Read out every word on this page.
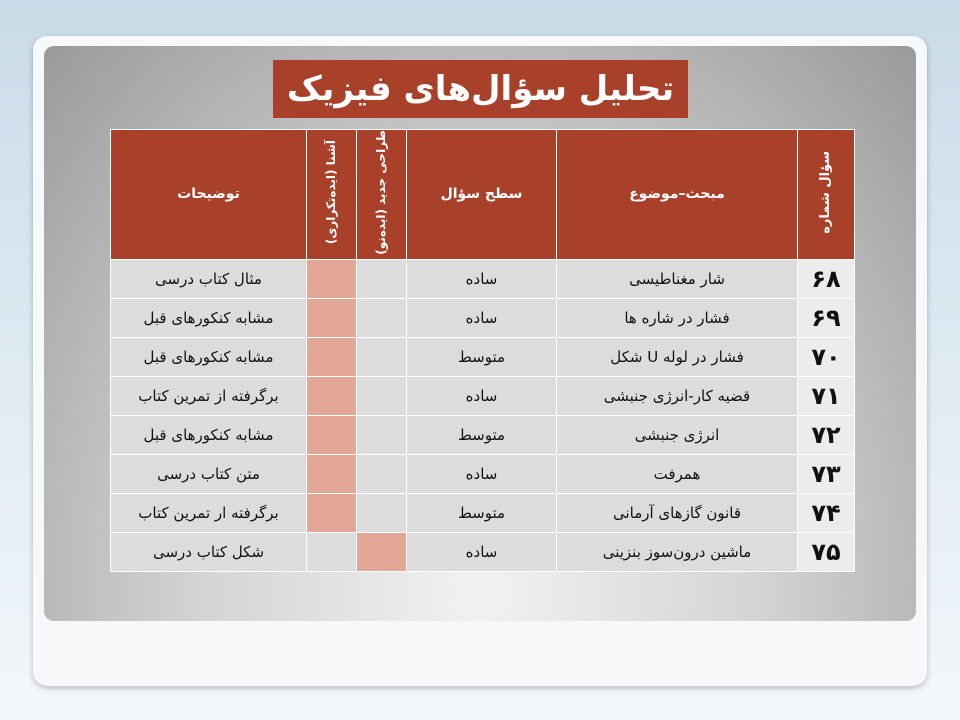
تحلیل سؤال‌های فیزیک
سؤال شماره	مبحث–موضوع	سطح سؤال	طراحی جدید (ایده‌نو)	آشنا (ایده‌تکراری)	توضیحات
۶۸	شار مغناطیسی	ساده			مثال کتاب درسی
۶۹	فشار در شاره ها	ساده			مشابه کنکورهای قبل
۷۰	فشار در لوله U شکل	متوسط			مشابه کنکورهای قبل
۷۱	قضیه کار-انرژی جنبشی	ساده			برگرفته از تمرین کتاب
۷۲	انرژی جنبشی	متوسط			مشابه کنکورهای قبل
۷۳	همرفت	ساده			متن کتاب درسی
۷۴	قانون گازهای آرمانی	متوسط			برگرفته ار تمرین کتاب
۷۵	ماشین درون‌سوز بنزینی	ساده			شکل کتاب درسی
